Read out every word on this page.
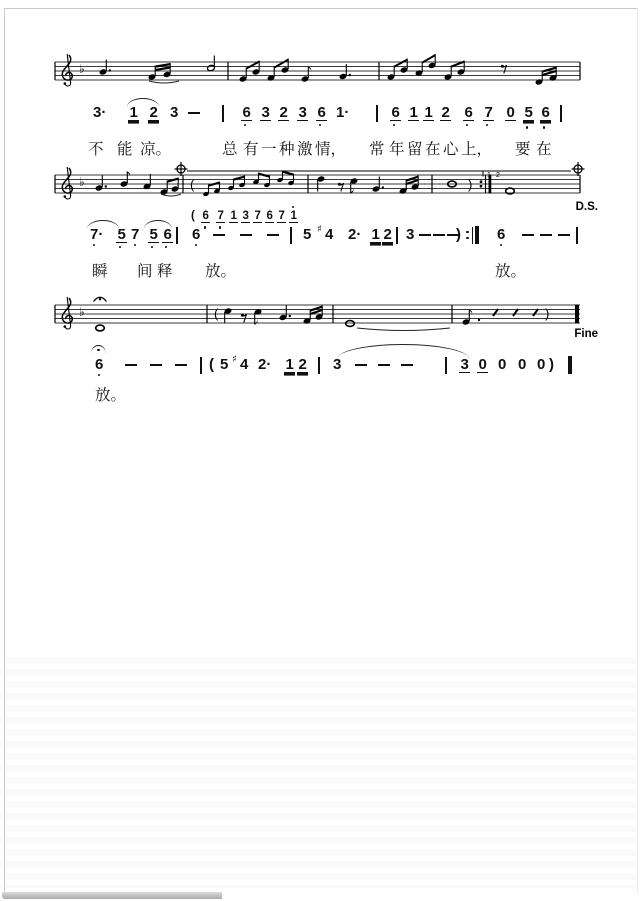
♭
♭	(	)
1 2
♭	(	)
D.S.
Fine
3· 1 2 3	6 3 2 3 6 1·	6 1 1 2 6 7 0 5 6
( 6 7 1 3 7 6 7 1
7· 5 7 5 6 6	5 4
♯ 2· 1 2 3	) 6
6	( 5 4
♯ 2· 1 2 3	3 0 0 0 0 )
不 能 凉。	总 有 一 种 激 情， 常 年 留 在 心 上， 要 在
瞬 间 释 放。	放。
放。
